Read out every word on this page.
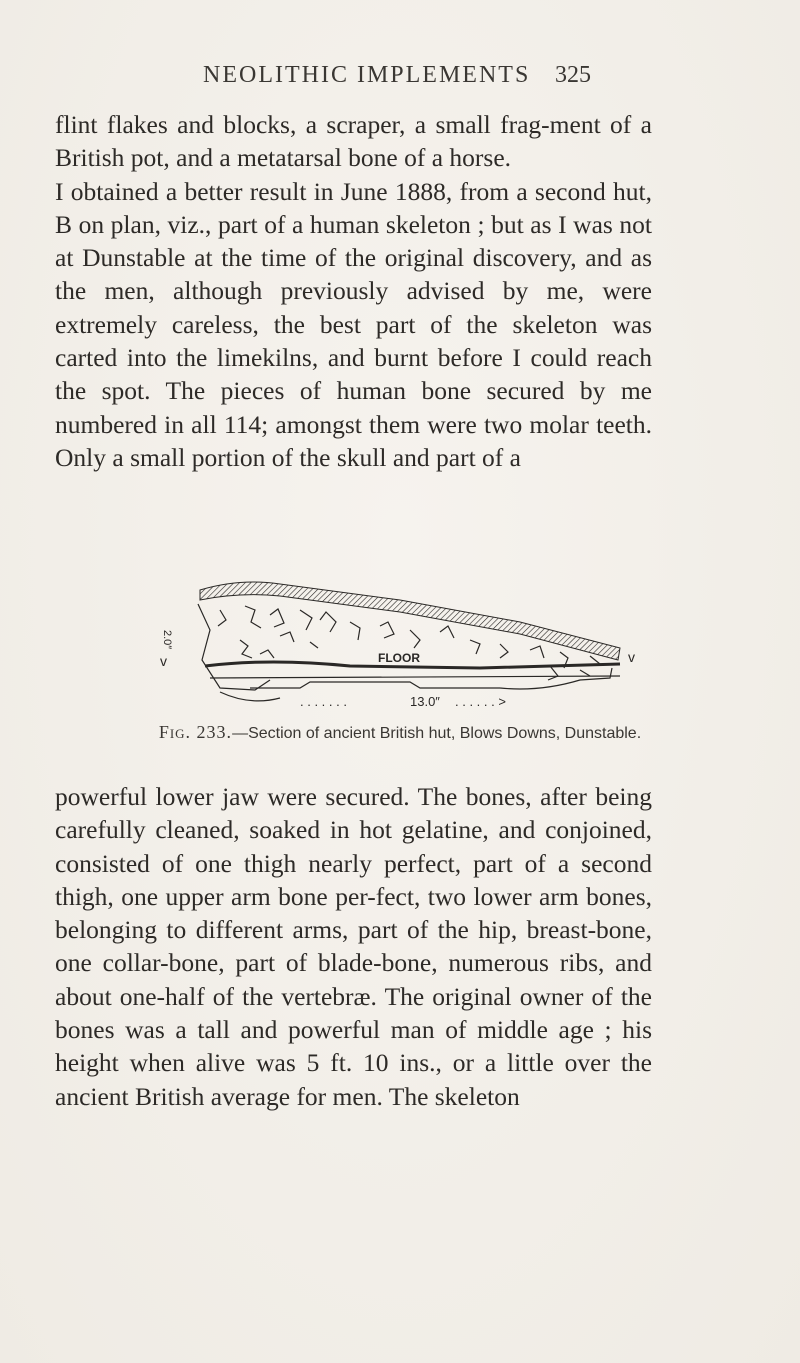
NEOLITHIC IMPLEMENTS 325

flint flakes and blocks, a scraper, a small frag-ment of a British pot, and a metatarsal bone of a horse.

I obtained a better result in June 1888, from a second hut, B on plan, viz., part of a human skeleton ; but as I was not at Dunstable at the time of the original discovery, and as the men, although previously advised by me, were extremely careless, the best part of the skeleton was carted into the limekilns, and burnt before I could reach the spot. The pieces of human bone secured by me numbered in all 114; amongst them were two molar teeth. Only a small portion of the skull and part of a

FLOOR
13.0″
. . . . . . .	. . . . . . >
2.0″
v	v
Fig. 233.—Section of ancient British hut, Blows Downs, Dunstable.

powerful lower jaw were secured. The bones, after being carefully cleaned, soaked in hot gelatine, and conjoined, consisted of one thigh nearly perfect, part of a second thigh, one upper arm bone per-fect, two lower arm bones, belonging to different arms, part of the hip, breast-bone, one collar-bone, part of blade-bone, numerous ribs, and about one-half of the vertebræ. The original owner of the bones was a tall and powerful man of middle age ; his height when alive was 5 ft. 10 ins., or a little over the ancient British average for men. The skeleton
